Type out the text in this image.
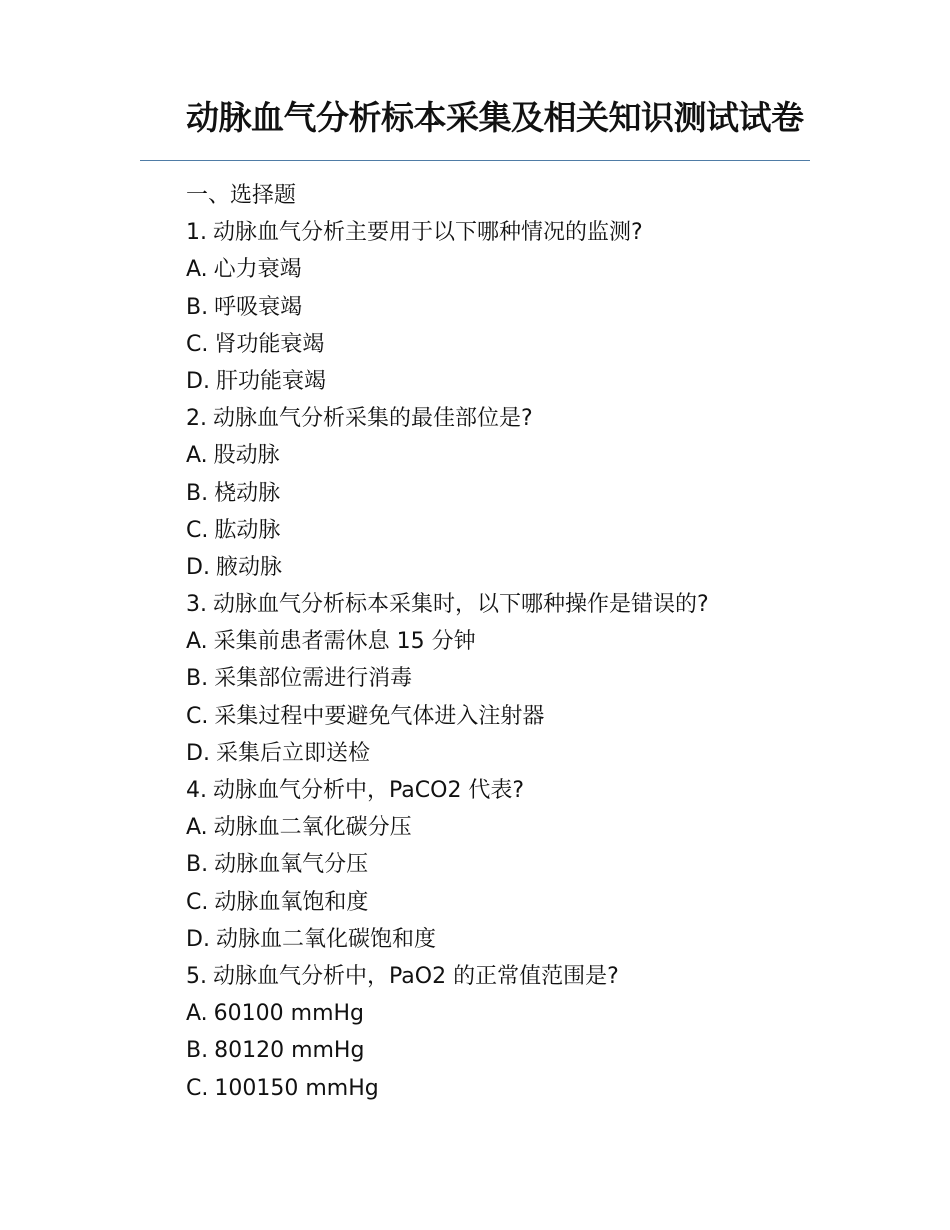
动脉血气分析标本采集及相关知识测试试卷
一、选择题
1. 动脉血气分析主要用于以下哪种情况的监测?
A. 心力衰竭
B. 呼吸衰竭
C. 肾功能衰竭
D. 肝功能衰竭
2. 动脉血气分析采集的最佳部位是?
A. 股动脉
B. 桡动脉
C. 肱动脉
D. 腋动脉
3. 动脉血气分析标本采集时，以下哪种操作是错误的?
A. 采集前患者需休息 15 分钟
B. 采集部位需进行消毒
C. 采集过程中要避免气体进入注射器
D. 采集后立即送检
4. 动脉血气分析中，PaCO2 代表?
A. 动脉血二氧化碳分压
B. 动脉血氧气分压
C. 动脉血氧饱和度
D. 动脉血二氧化碳饱和度
5. 动脉血气分析中，PaO2 的正常值范围是?
A. 60100 mmHg
B. 80120 mmHg
C. 100150 mmHg
